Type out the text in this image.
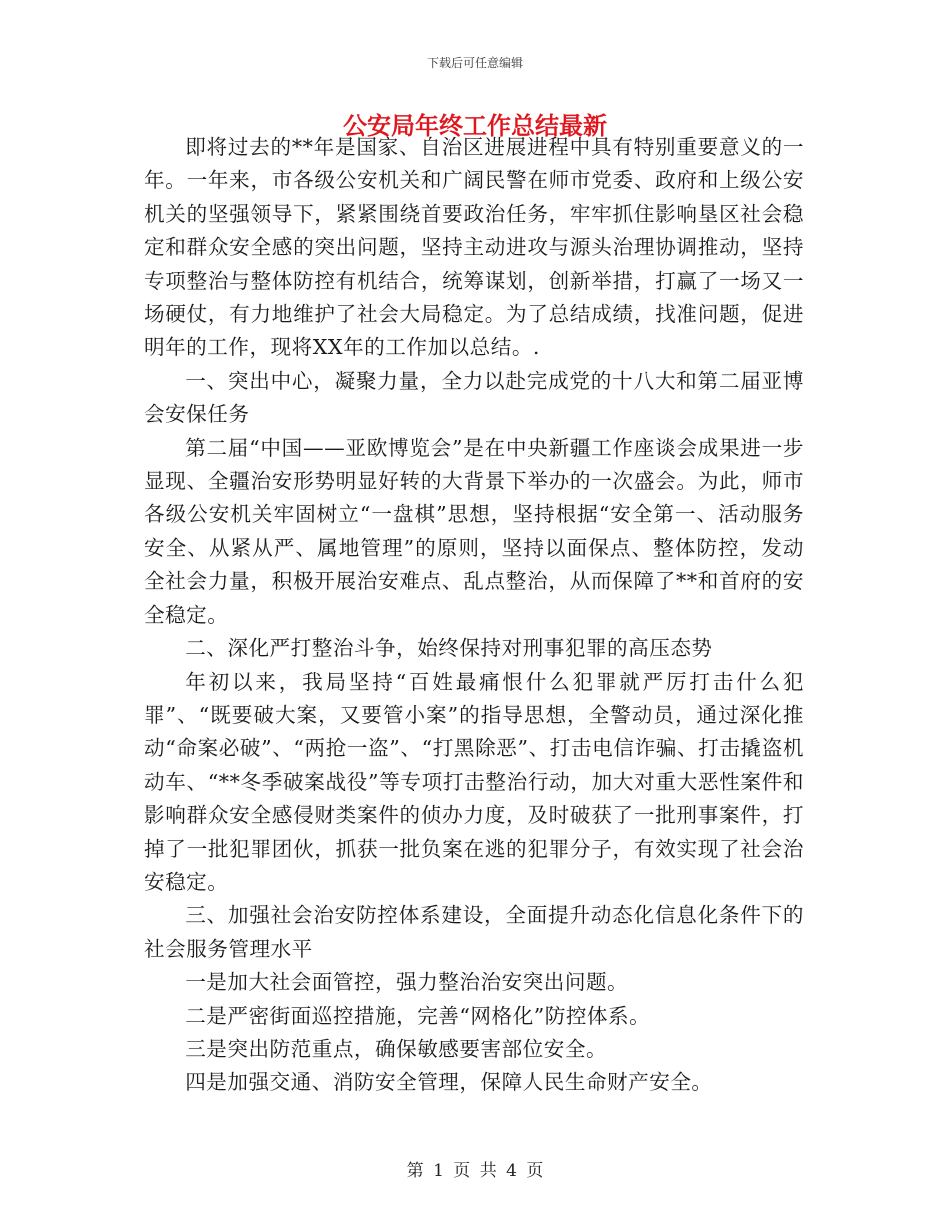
下载后可任意编辑
公安局年终工作总结最新

即将过去的**年是国家、自治区进展进程中具有特别重要意义的一年。一年来，市各级公安机关和广阔民警在师市党委、政府和上级公安机关的坚强领导下，紧紧围绕首要政治任务，牢牢抓住影响垦区社会稳定和群众安全感的突出问题，坚持主动进攻与源头治理协调推动，坚持专项整治与整体防控有机结合，统筹谋划，创新举措，打赢了一场又一场硬仗，有力地维护了社会大局稳定。为了总结成绩，找准问题，促进明年的工作，现将XX年的工作加以总结。.

一、突出中心，凝聚力量，全力以赴完成党的十八大和第二届亚博会安保任务

第二届“中国——亚欧博览会”是在中央新疆工作座谈会成果进一步显现、全疆治安形势明显好转的大背景下举办的一次盛会。为此，师市各级公安机关牢固树立“一盘棋”思想，坚持根据“安全第一、活动服务安全、从紧从严、属地管理”的原则，坚持以面保点、整体防控，发动全社会力量，积极开展治安难点、乱点整治，从而保障了**和首府的安全稳定。

二、深化严打整治斗争，始终保持对刑事犯罪的高压态势

年初以来，我局坚持“百姓最痛恨什么犯罪就严厉打击什么犯罪”、“既要破大案，又要管小案”的指导思想，全警动员，通过深化推动“命案必破”、“两抢一盗”、“打黑除恶”、打击电信诈骗、打击撬盗机动车、“**冬季破案战役”等专项打击整治行动，加大对重大恶性案件和影响群众安全感侵财类案件的侦办力度，及时破获了一批刑事案件，打掉了一批犯罪团伙，抓获一批负案在逃的犯罪分子，有效实现了社会治安稳定。

三、加强社会治安防控体系建设，全面提升动态化信息化条件下的社会服务管理水平

一是加大社会面管控，强力整治治安突出问题。

二是严密街面巡控措施，完善“网格化”防控体系。

三是突出防范重点，确保敏感要害部位安全。

四是加强交通、消防安全管理，保障人民生命财产安全。

第 1 页 共 4 页
